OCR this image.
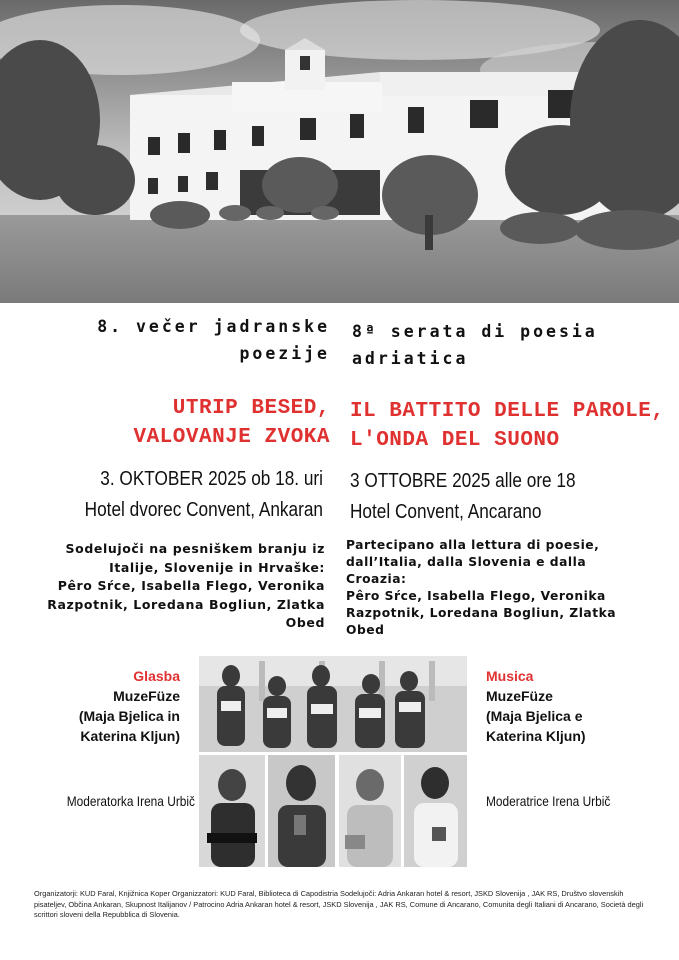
8. večer jadranske
poezije
8ª serata di poesia
adriatica
UTRIP BESED,
VALOVANJE ZVOKA
IL BATTITO DELLE PAROLE,
L'ONDA DEL SUONO
3. OKTOBER 2025 ob 18. uri
Hotel dvorec Convent, Ankaran
3 OTTOBRE 2025 alle ore 18
Hotel Convent, Ancarano
Sodelujoči na pesniškem branju iz
Italije, Slovenije in Hrvaške:
Pêro Sŕce, Isabella Flego, Veronika
Razpotnik, Loredana Bogliun, Zlatka
Obed
Partecipano alla lettura di poesie,
dall’Italia, dalla Slovenia e dalla
Croazia:
Pêro Sŕce, Isabella Flego, Veronika
Razpotnik, Loredana Bogliun, Zlatka
Obed
Glasba
MuzeFüze
(Maja Bjelica in
Katerina Kljun)
Moderatorka Irena Urbič
Musica
MuzeFüze
(Maja Bjelica e
Katerina Kljun)
Moderatrice Irena Urbič
Organizatorji: KUD Faral, Knjižnica Koper Organizzatori: KUD Faral, Biblioteca di Capodistria Sodelujoči: Adria Ankaran hotel & resort, JSKD Slovenija , JAK RS, Društvo slovenskih pisateljev, Občina Ankaran, Skupnost Italijanov / Patrocino Adria Ankaran hotel & resort, JSKD Slovenija , JAK RS, Comune di Ancarano, Comunita degli Italiani di Ancarano, Società degli scrittori sloveni della Repubblica di Slovenia.
